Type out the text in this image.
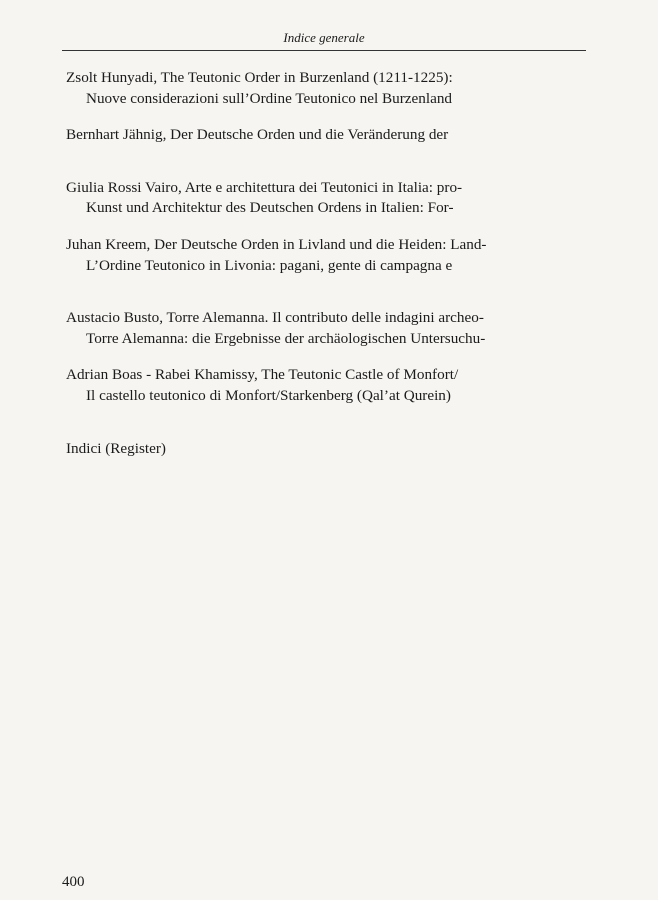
Indice generale
Zsolt Hunyadi, The Teutonic Order in Burzenland (1211-1225):
Nuove considerazioni sull’Ordine Teutonico nel Burzenland
Bernhart Jähnig, Der Deutsche Orden und die Veränderung der
Giulia Rossi Vairo, Arte e architettura dei Teutonici in Italia: pro-
Kunst und Architektur des Deutschen Ordens in Italien: For-
Juhan Kreem, Der Deutsche Orden in Livland und die Heiden: Land-
L’Ordine Teutonico in Livonia: pagani, gente di campagna e
Austacio Busto, Torre Alemanna. Il contributo delle indagini archeo-
Torre Alemanna: die Ergebnisse der archäologischen Untersuchu-
Adrian Boas - Rabei Khamissy, The Teutonic Castle of Monfort/
Il castello teutonico di Monfort/Starkenberg (Qal’at Qurein)
Indici (Register)
400
